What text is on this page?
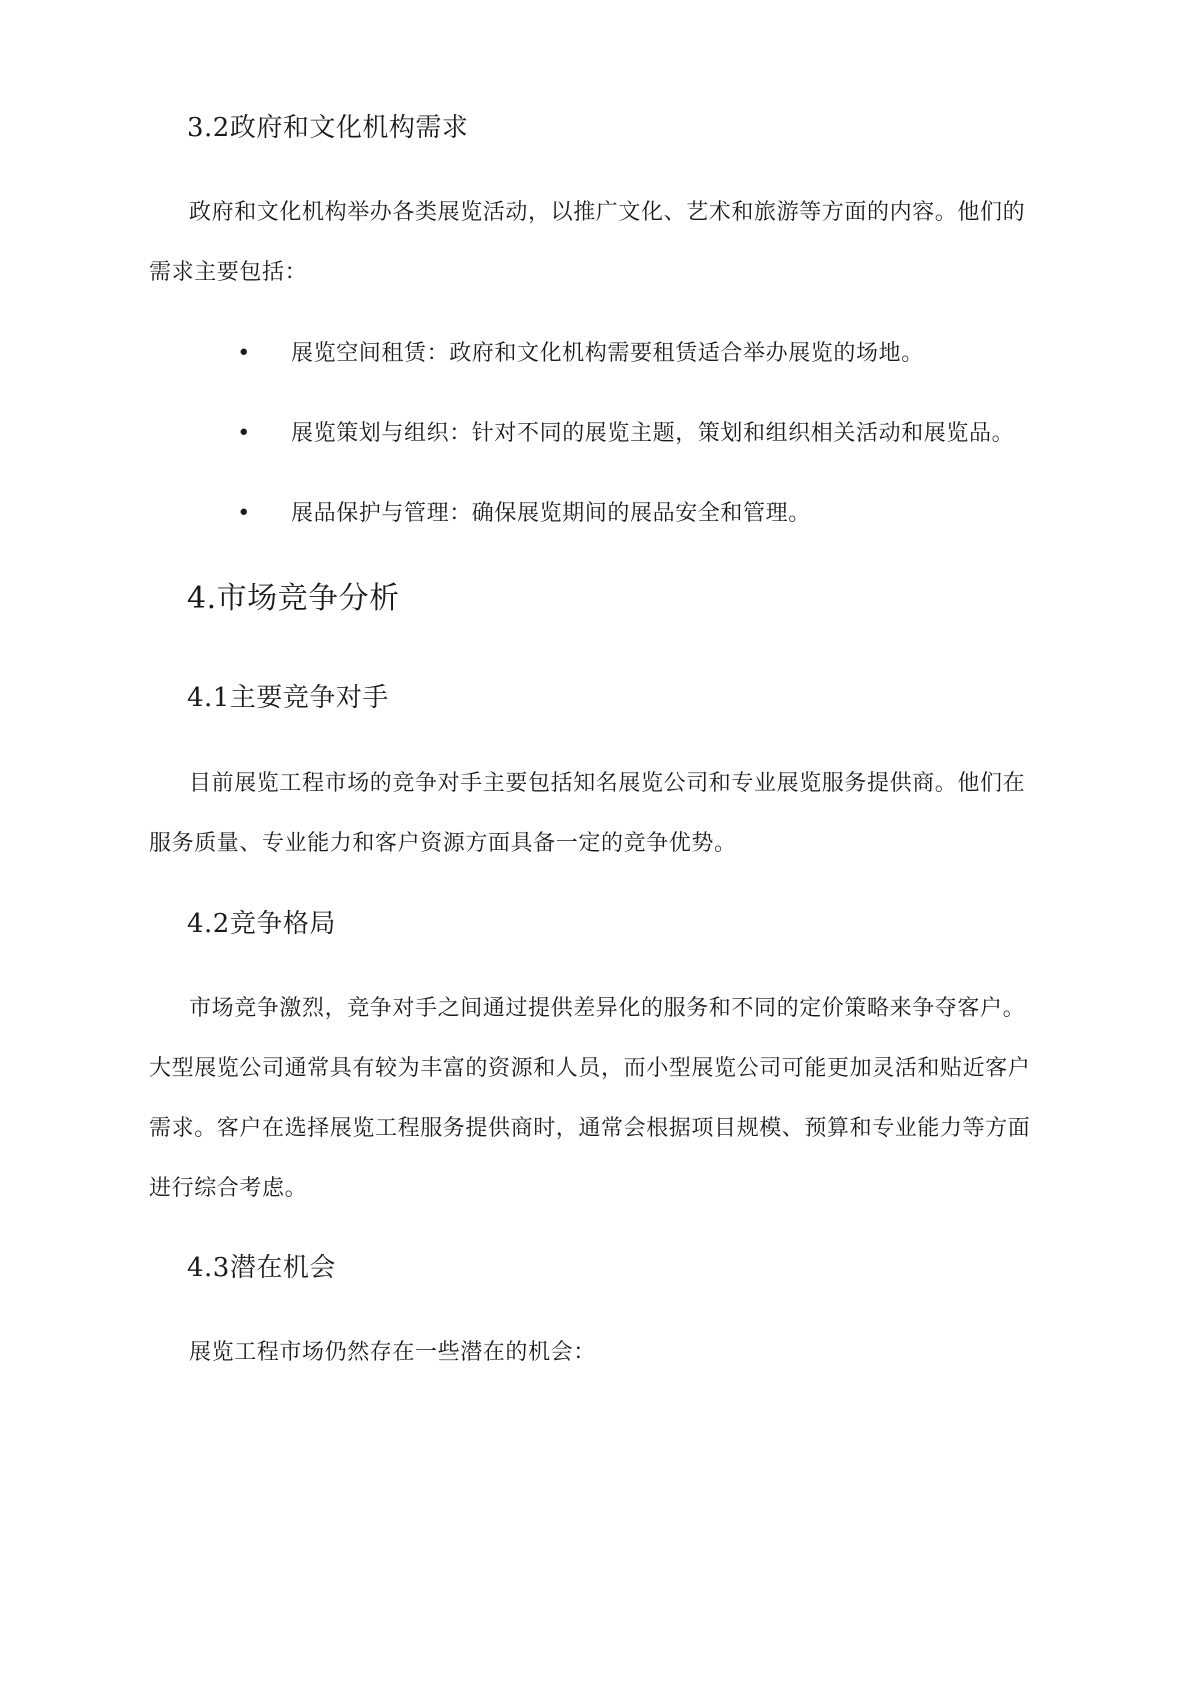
3.2政府和文化机构需求
政府和文化机构举办各类展览活动，以推广文化、艺术和旅游等方面的内容。他们的需求主要包括：
• 展览空间租赁：政府和文化机构需要租赁适合举办展览的场地。
• 展览策划与组织：针对不同的展览主题，策划和组织相关活动和展览品。
• 展品保护与管理：确保展览期间的展品安全和管理。
4.市场竞争分析
4.1主要竞争对手
目前展览工程市场的竞争对手主要包括知名展览公司和专业展览服务提供商。他们在服务质量、专业能力和客户资源方面具备一定的竞争优势。
4.2竞争格局
市场竞争激烈，竞争对手之间通过提供差异化的服务和不同的定价策略来争夺客户。大型展览公司通常具有较为丰富的资源和人员，而小型展览公司可能更加灵活和贴近客户需求。客户在选择展览工程服务提供商时，通常会根据项目规模、预算和专业能力等方面进行综合考虑。
4.3潜在机会
展览工程市场仍然存在一些潜在的机会：
